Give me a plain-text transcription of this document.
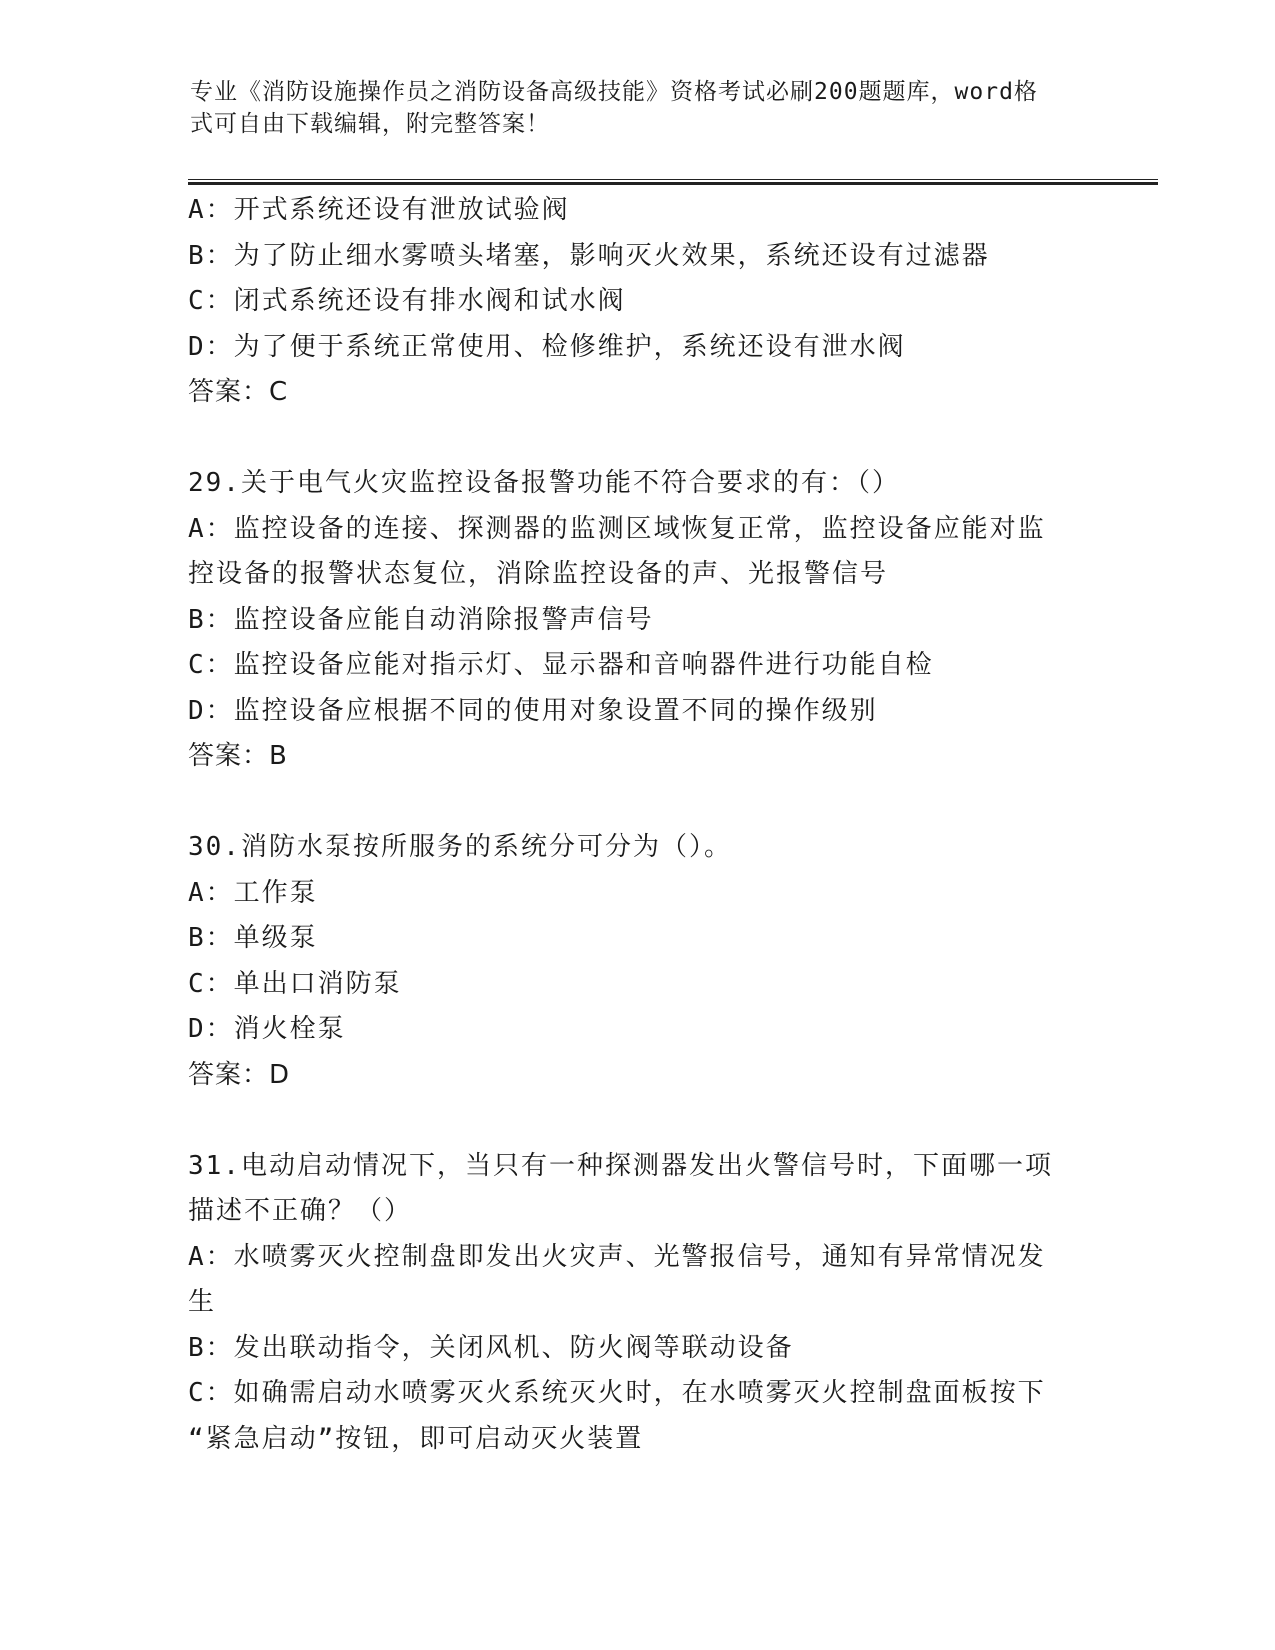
专业《消防设施操作员之消防设备高级技能》资格考试必刷200题题库，word格

式可自由下载编辑，附完整答案！

A：开式系统还设有泄放试验阀

B：为了防止细水雾喷头堵塞，影响灭火效果，系统还设有过滤器

C：闭式系统还设有排水阀和试水阀

D：为了便于系统正常使用、检修维护，系统还设有泄水阀

答案：C

29.关于电气火灾监控设备报警功能不符合要求的有：（）

A：监控设备的连接、探测器的监测区域恢复正常，监控设备应能对监

控设备的报警状态复位，消除监控设备的声、光报警信号

B：监控设备应能自动消除报警声信号

C：监控设备应能对指示灯、显示器和音响器件进行功能自检

D：监控设备应根据不同的使用对象设置不同的操作级别

答案：B

30.消防水泵按所服务的系统分可分为（）。

A：工作泵

B：单级泵

C：单出口消防泵

D：消火栓泵

答案：D

31.电动启动情况下，当只有一种探测器发出火警信号时，下面哪一项

描述不正确？（）

A：水喷雾灭火控制盘即发出火灾声、光警报信号，通知有异常情况发

生

B：发出联动指令，关闭风机、防火阀等联动设备

C：如确需启动水喷雾灭火系统灭火时，在水喷雾灭火控制盘面板按下

“紧急启动”按钮，即可启动灭火装置
